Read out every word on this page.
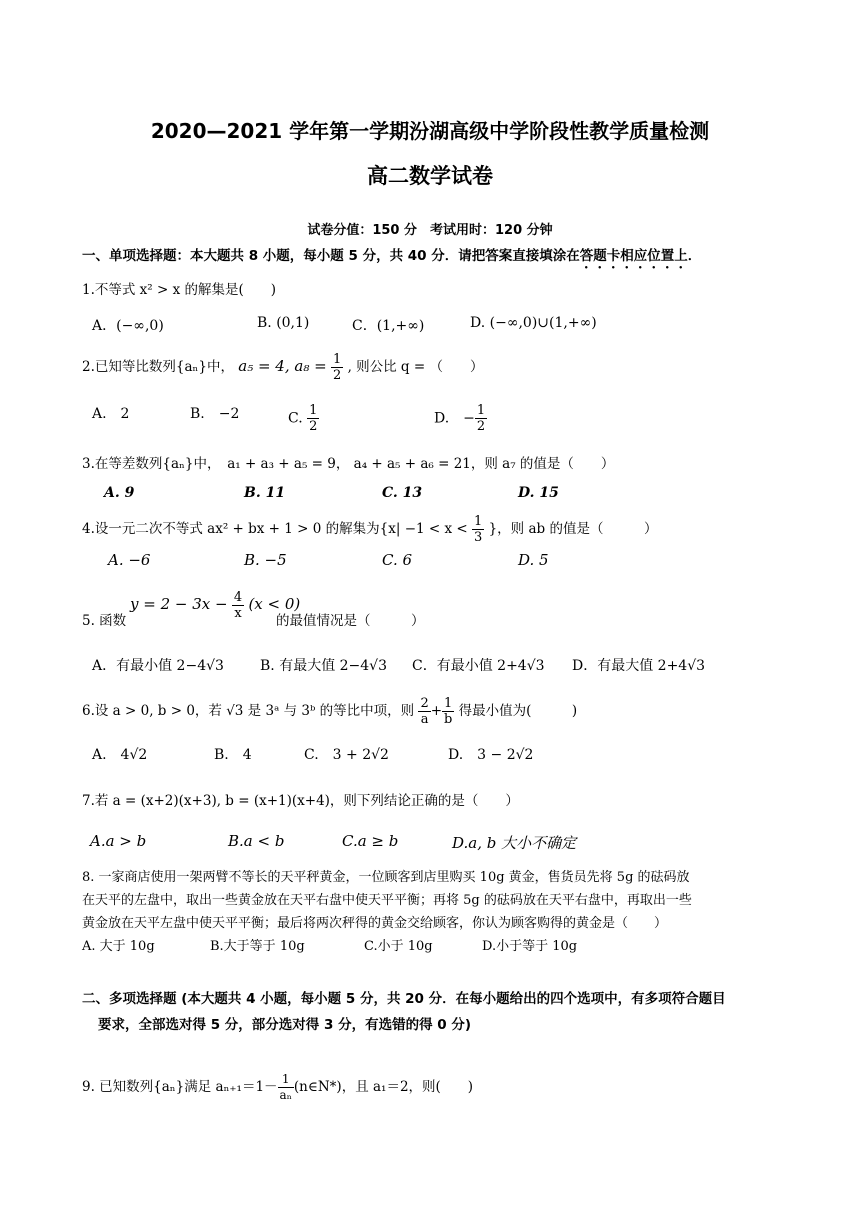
2020—2021 学年第一学期汾湖高级中学阶段性教学质量检测
高二数学试卷
试卷分值：150 分　考试用时：120 分钟
一、单项选择题：本大题共 8 小题，每小题 5 分，共 40 分．请把答案直接填涂在答题卡相应位置上．
1.不等式 x² > x 的解集是(　　)
A．(−∞,0)	B. (0,1)	C．(1,+∞)	D. (−∞,0)∪(1,+∞)
2.已知等比数列{aₙ}中， a₅ = 4, $a_8 = \frac{1}{2}$ , 则公比 q = （　　）
A.　2	B.　−2	C. $\frac{1}{2}$	D.　− $\frac{1}{2}$
3.在等差数列{aₙ}中，　a₁ + a₃ + a₅ = 9， a₄ + a₅ + a₆ = 21，则 a₇ 的值是（　　）
A. 9	B. 11	C. 13	D. 15
4.设一元二次不等式 ax² + bx + 1 > 0 的解集为{$x| -1 < x < \frac{1}{3}$ }，则 ab 的值是（　　　）
A. −6	B. −5	C. 6	D. 5
5. 函数
$y = 2 - 3x - \frac{4}{x} (x < 0)$
的最值情况是（　　　）
A．有最小值 2−4√3	B. 有最大值 2−4√3 C．有最小值 2+4√3 D．有最大值 2+4√3
6.设 a > 0, b > 0，若 √3 是 3ᵃ 与 3ᵇ 的等比中项，则 $\frac{2}{a} + \frac{1}{b}$ 得最小值为(　　　)
A.　4√2	B.　4	C.　3 + 2√2	D.　3 − 2√2
7.若 a = (x+2)(x+3), b = (x+1)(x+4)，则下列结论正确的是（　　）
A.a > b	B.a < b	C.a ≥ b	D.a, b 大小不确定
8. 一家商店使用一架两臂不等长的天平秤黄金，一位顾客到店里购买 10g 黄金，售货员先将 5g 的砝码放
在天平的左盘中，取出一些黄金放在天平右盘中使天平平衡；再将 5g 的砝码放在天平右盘中，再取出一些
黄金放在天平左盘中使天平平衡；最后将两次秤得的黄金交给顾客，你认为顾客购得的黄金是（　　）
A. 大于 10g	B.大于等于 10g	C.小于 10g	D.小于等于 10g
二、多项选择题 (本大题共 4 小题，每小题 5 分，共 20 分．在每小题给出的四个选项中，有多项符合题目
要求，全部选对得 5 分，部分选对得 3 分，有选错的得 0 分)
9. 已知数列{aₙ}满足 $a_{n+1}=1- \frac{1}{\text{aₙ}}$ (n∈N*)，且 a₁＝2，则(　　)
